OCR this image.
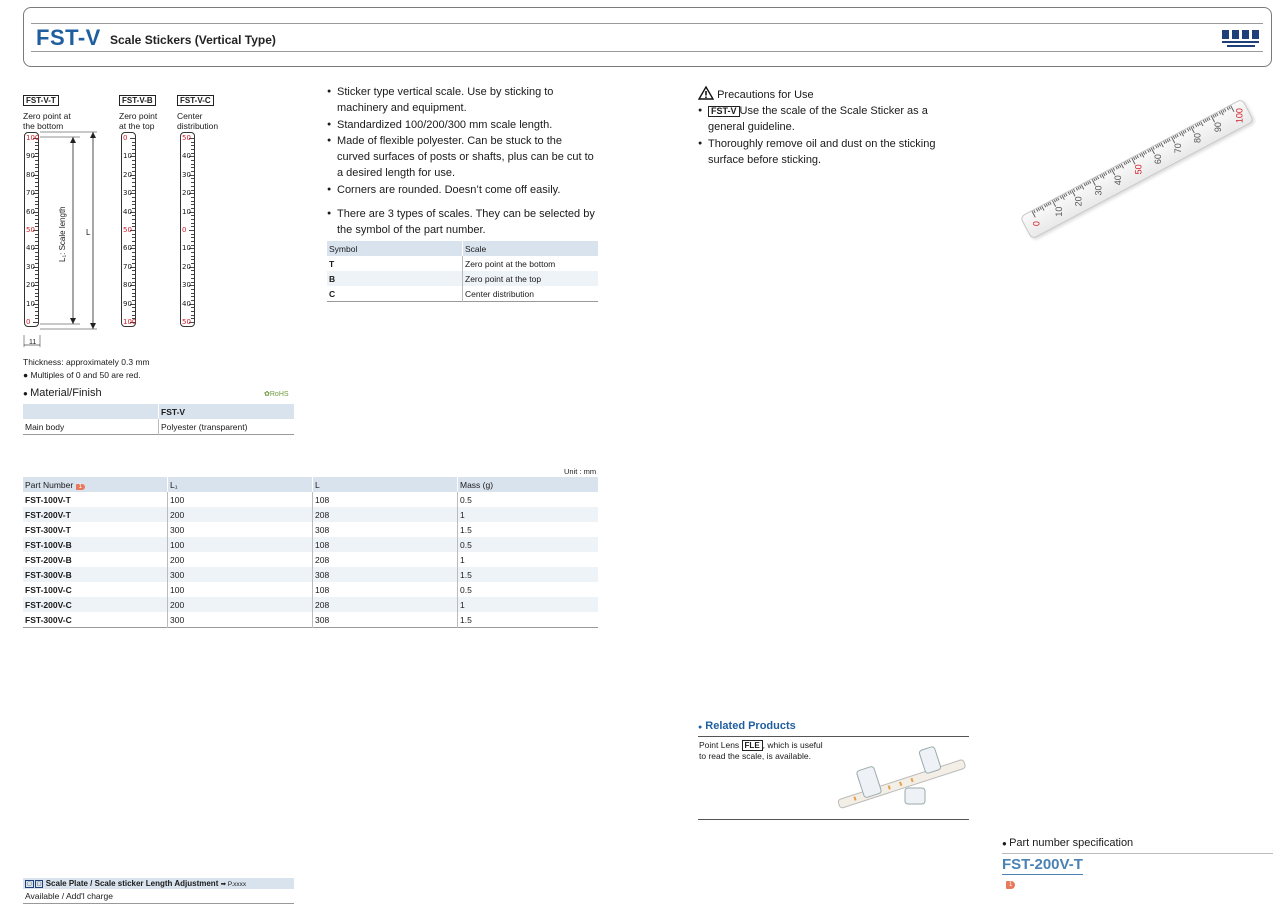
FST-V Scale Stickers (Vertical Type)
FST-V-T
Zero point at
the bottom
FST-V-B
Zero point
at the top
FST-V-C
Center
distribution
100
90
80
70
60
50
40
30
20
10
0
0
10
20
30
40
50
60
70
80
90
100
50
40
30
20
10
0
10
20
30
40
50
L₁: Scale length L
11
Thickness: approximately 0.3 mm
● Multiples of 0 and 50 are red.
● Material/Finish	✿RoHS
	FST-V
Main body	Polyester (transparent)
● Sticker type vertical scale. Use by sticking to machinery and equipment.
● Standardized 100/200/300 mm scale length.
● Made of flexible polyester. Can be stuck to the curved surfaces of posts or shafts, plus can be cut to a desired length for use.
● Corners are rounded. Doesn’t come off easily.
● There are 3 types of scales. They can be selected by the symbol of the part number.
Symbol	Scale
T	Zero point at the bottom
B	Zero point at the top
C	Center distribution
Precautions for Use
● FST-V Use the scale of the Scale Sticker as a general guideline.
● Thoroughly remove oil and dust on the sticking surface before sticking.
0
10
20
30
40
50
60
70
80
90
100
Unit : mm
Part Number 1	L₁	L	Mass (g)
FST-100V-T	100	108	0.5
FST-200V-T	200	208	1
FST-300V-T	300	308	1.5
FST-100V-B	100	108	0.5
FST-200V-B	200	208	1
FST-300V-B	300	308	1.5
FST-100V-C	100	108	0.5
FST-200V-C	200	208	1
FST-300V-C	300	308	1.5
● Related Products
Point Lens FLE , which is useful
to read the scale, is available.
▢ ▢ Scale Plate / Scale sticker Length Adjustment ➡ P.xxxx
Available / Add'l charge
● Part number specification
FST-200V-T
1
